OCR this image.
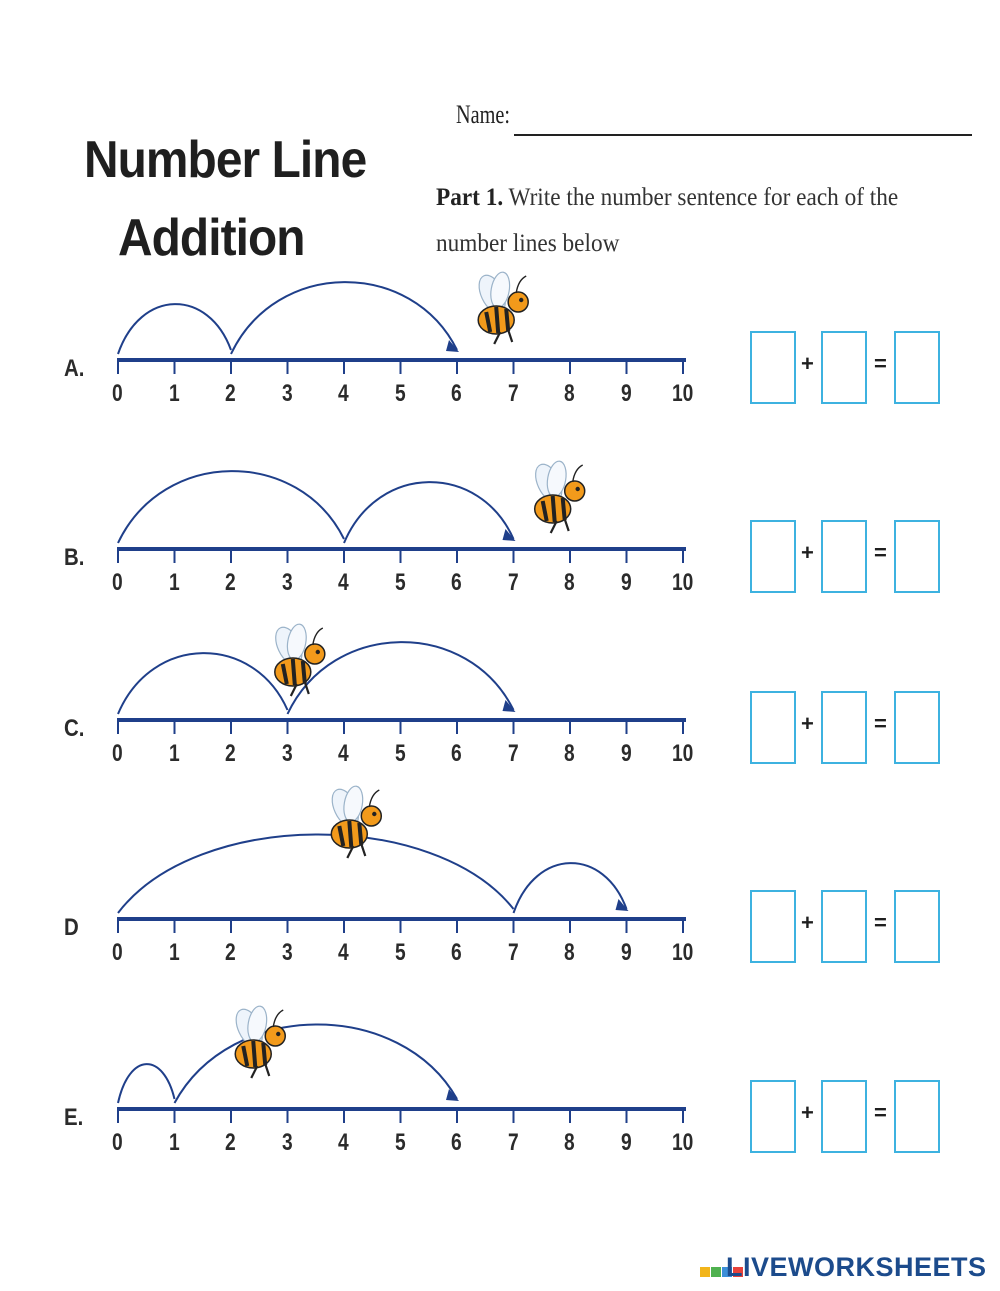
Number Line
Addition
Name:
Part 1. Write the number sentence for each of the number lines below
A.
0 1 2 3 4 5 6 7 8 9 10
B.
0 1 2 3 4 5 6 7 8 9 10
C.
0 1 2 3 4 5 6 7 8 9 10
D
0 1 2 3 4 5 6 7 8 9 10
E.
0 1 2 3 4 5 6 7 8 9 10
+	=
+	=
+	=
+	=
+	=
LIVEWORKSHEETS
